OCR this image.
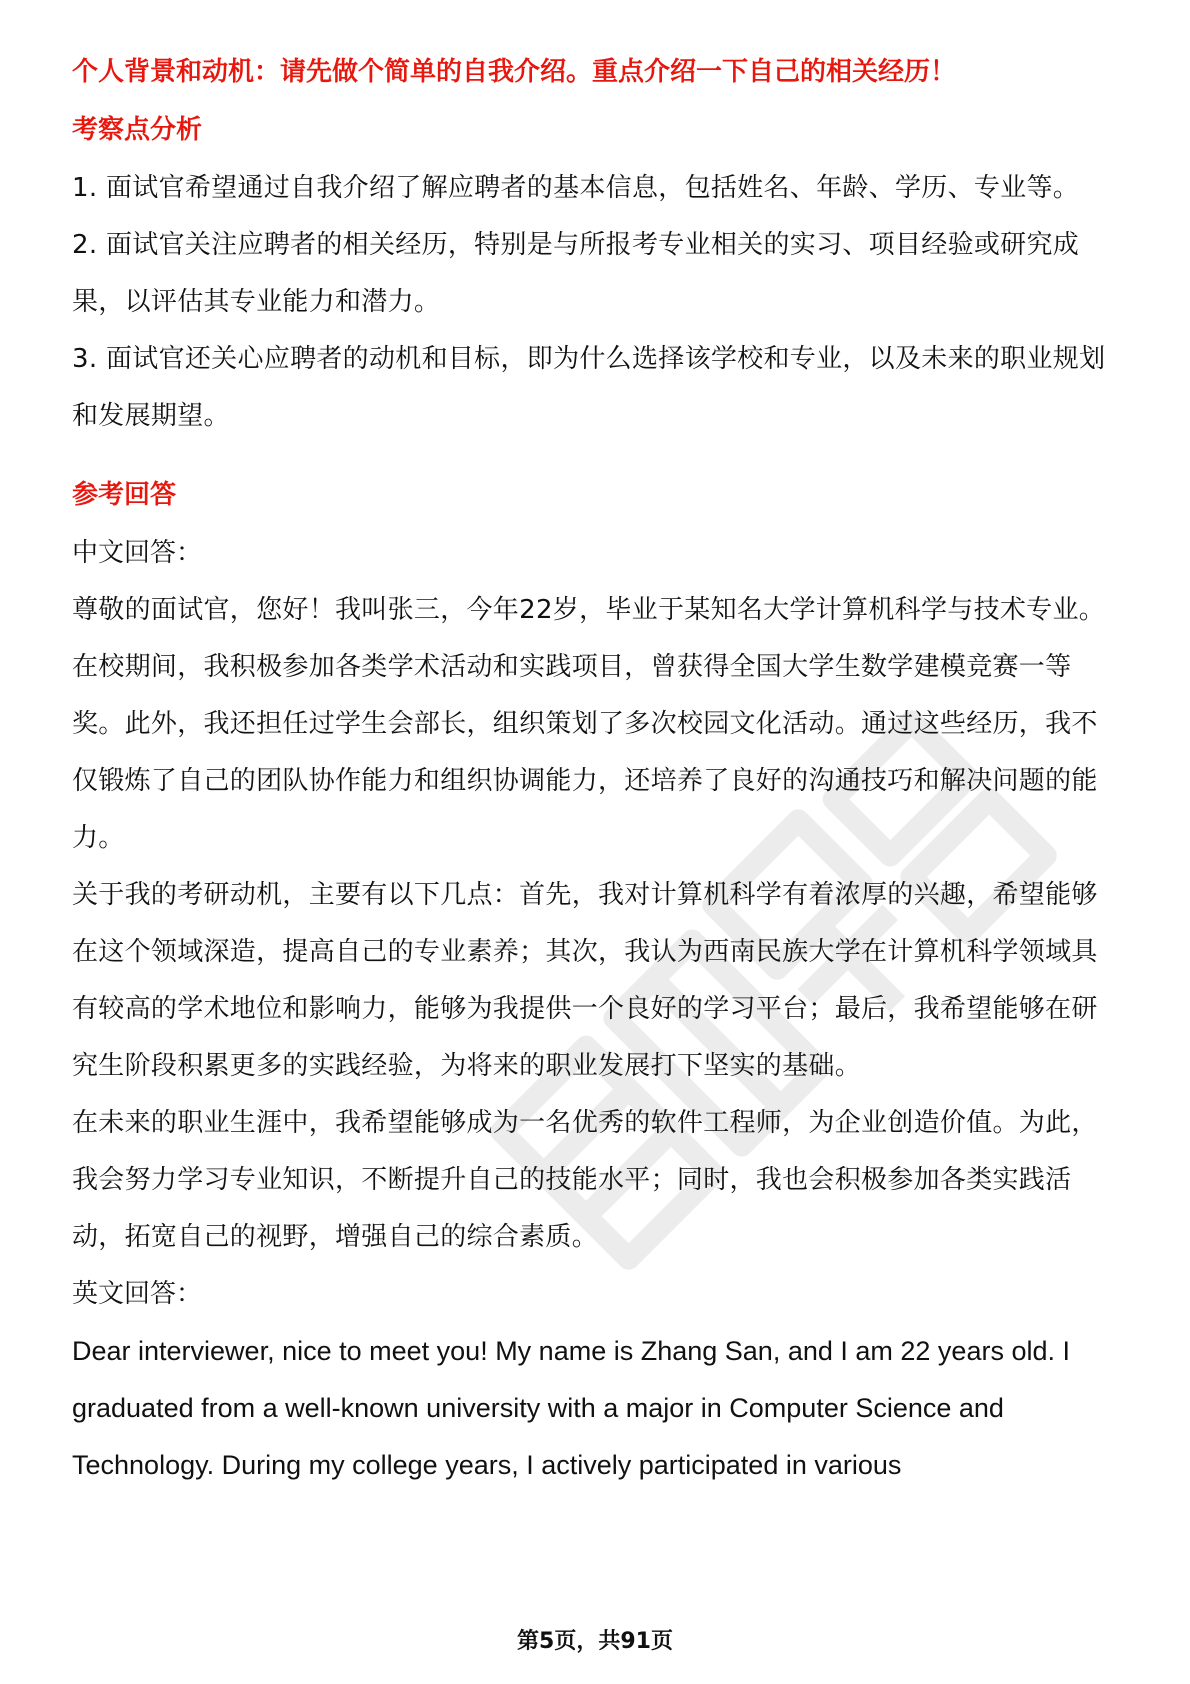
个人背景和动机：请先做个简单的自我介绍。重点介绍一下自己的相关经历！
考察点分析

1. 面试官希望通过自我介绍了解应聘者的基本信息，包括姓名、年龄、学历、专业等。

2. 面试官关注应聘者的相关经历，特别是与所报考专业相关的实习、项目经验或研究成果，以评估其专业能力和潜力。

3. 面试官还关心应聘者的动机和目标，即为什么选择该学校和专业，以及未来的职业规划和发展期望。

参考回答

中文回答：

尊敬的面试官，您好！我叫张三，今年22岁，毕业于某知名大学计算机科学与技术专业。在校期间，我积极参加各类学术活动和实践项目，曾获得全国大学生数学建模竞赛一等奖。此外，我还担任过学生会部长，组织策划了多次校园文化活动。通过这些经历，我不仅锻炼了自己的团队协作能力和组织协调能力，还培养了良好的沟通技巧和解决问题的能力。

关于我的考研动机，主要有以下几点：首先，我对计算机科学有着浓厚的兴趣，希望能够在这个领域深造，提高自己的专业素养；其次，我认为西南民族大学在计算机科学领域具有较高的学术地位和影响力，能够为我提供一个良好的学习平台；最后，我希望能够在研究生阶段积累更多的实践经验，为将来的职业发展打下坚实的基础。

在未来的职业生涯中，我希望能够成为一名优秀的软件工程师，为企业创造价值。为此，我会努力学习专业知识，不断提升自己的技能水平；同时，我也会积极参加各类实践活动，拓宽自己的视野，增强自己的综合素质。

英文回答：

Dear interviewer, nice to meet you! My name is Zhang San, and I am 22 years old. I graduated from a well-known university with a major in Computer Science and Technology. During my college years, I actively participated in various

第5页，共91页
